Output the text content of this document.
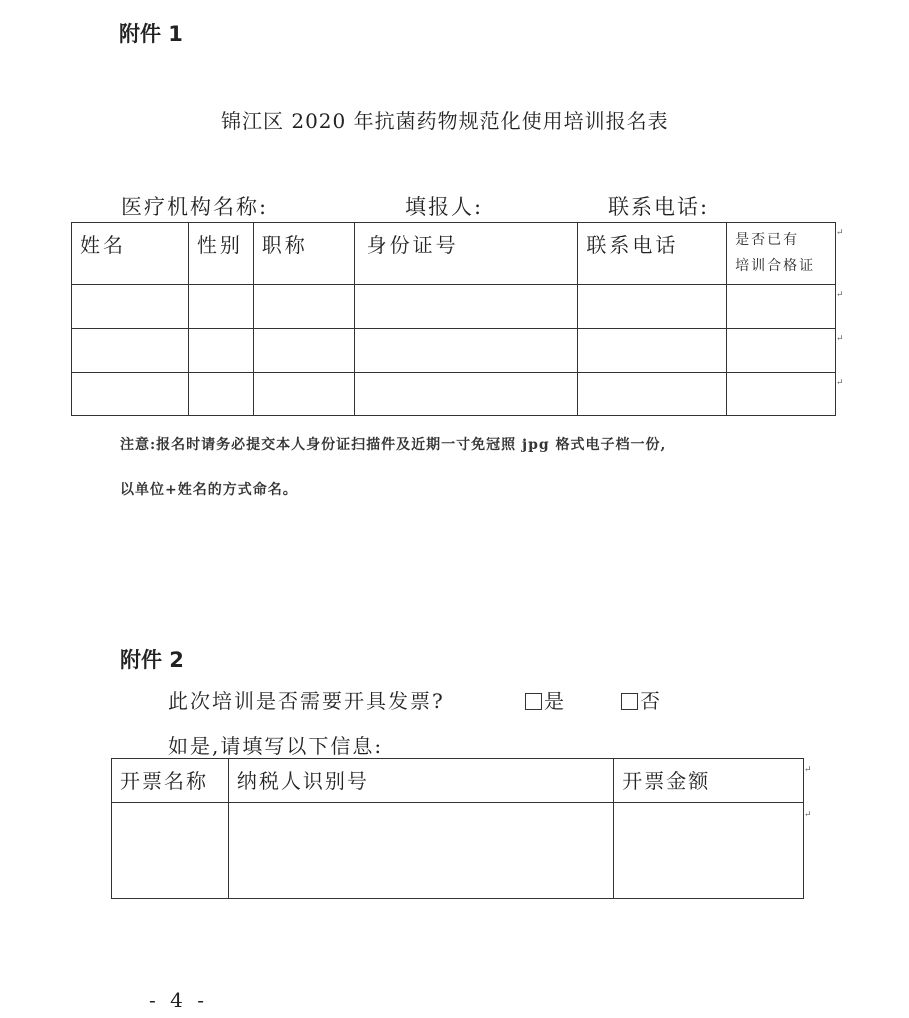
附件 1
锦江区 2020 年抗菌药物规范化使用培训报名表
医疗机构名称:	填报人:	联系电话:
姓名	性别	职称	身份证号	联系电话	是否已有
培训合格证

↵
↵
↵
↵
注意:报名时请务必提交本人身份证扫描件及近期一寸免冠照 jpg 格式电子档一份,
以单位+姓名的方式命名。
附件 2
此次培训是否需要开具发票?	是	否
如是,请填写以下信息:
开票名称	纳税人识别号	开票金额

			↵
↵
- 4 -
